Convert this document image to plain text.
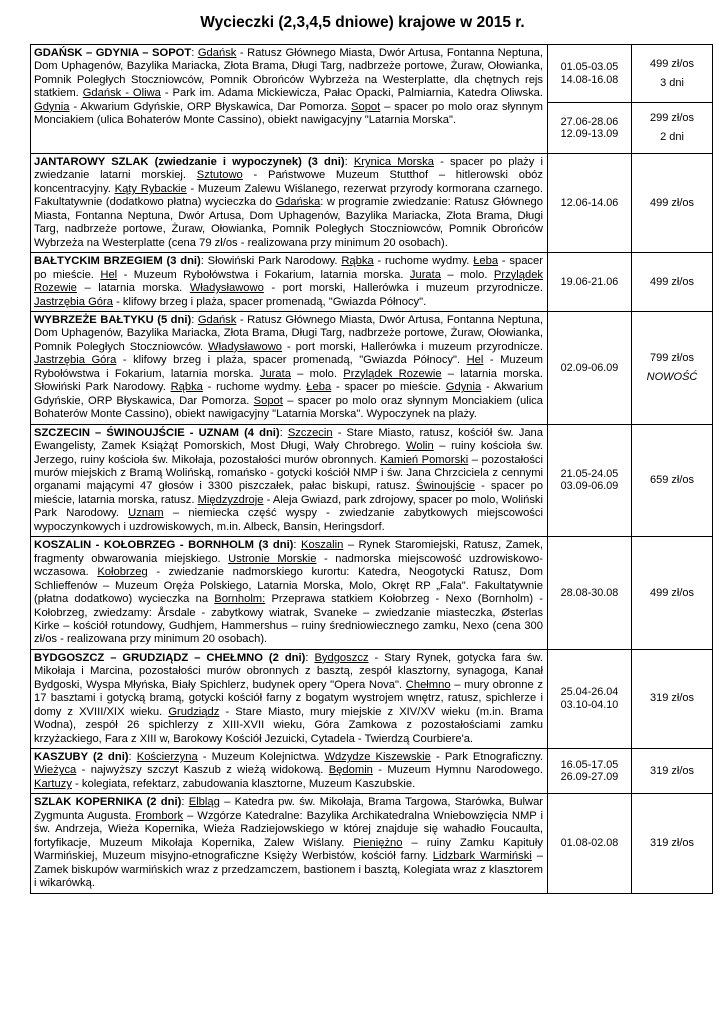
Wycieczki (2,3,4,5 dniowe) krajowe w 2015 r.
GDAŃSK – GDYNIA – SOPOT: Gdańsk - Ratusz Głównego Miasta, Dwór Artusa, Fontanna Neptuna, Dom Uphagenów, Bazylika Mariacka, Złota Brama, Długi Targ, nadbrzeże portowe, Żuraw, Ołowianka, Pomnik Poległych Stoczniowców, Pomnik Obrońców Wybrzeża na Westerplatte, dla chętnych rejs statkiem. Gdańsk - Oliwa - Park im. Adama Mickiewicza, Pałac Opacki, Palmiarnia, Katedra Oliwska. Gdynia - Akwarium Gdyńskie, ORP Błyskawica, Dar Pomorza. Sopot – spacer po molo oraz słynnym Monciakiem (ulica Bohaterów Monte Cassino), obiekt nawigacyjny "Latarnia Morska".	01.05-03.05
14.08-16.08	499 zł/os
3 dni

	27.06-28.06
12.09-13.09	299 zł/os
2 dni

JANTAROWY SZLAK (zwiedzanie i wypoczynek) (3 dni): Krynica Morska - spacer po plaży i zwiedzanie latarni morskiej. Sztutowo - Państwowe Muzeum Stutthof – hitlerowski obóz koncentracyjny. Kąty Rybackie - Muzeum Zalewu Wiślanego, rezerwat przyrody kormorana czarnego. Fakultatywnie (dodatkowo płatna) wycieczka do Gdańska: w programie zwiedzanie: Ratusz Głównego Miasta, Fontanna Neptuna, Dwór Artusa, Dom Uphagenów, Bazylika Mariacka, Złota Brama, Długi Targ, nadbrzeże portowe, Żuraw, Ołowianka, Pomnik Poległych Stoczniowców, Pomnik Obrońców Wybrzeża na Westerplatte (cena 79 zł/os - realizowana przy minimum 20 osobach).	12.06-14.06	499 zł/os

BAŁTYCKIM BRZEGIEM (3 dni): Słowiński Park Narodowy. Rąbka - ruchome wydmy. Łeba - spacer po mieście. Hel - Muzeum Rybołówstwa i Fokarium, latarnia morska. Jurata – molo. Przylądek Rozewie – latarnia morska. Władysławowo - port morski, Hallerówka i muzeum przyrodnicze. Jastrzębia Góra - klifowy brzeg i plaża, spacer promenadą, "Gwiazda Północy".	19.06-21.06	499 zł/os

WYBRZEŻE BAŁTYKU (5 dni): Gdańsk - Ratusz Głównego Miasta, Dwór Artusa, Fontanna Neptuna, Dom Uphagenów, Bazylika Mariacka, Złota Brama, Długi Targ, nadbrzeże portowe, Żuraw, Ołowianka, Pomnik Poległych Stoczniowców. Władysławowo - port morski, Hallerówka i muzeum przyrodnicze. Jastrzębia Góra - klifowy brzeg i plaża, spacer promenadą, "Gwiazda Północy". Hel - Muzeum Rybołówstwa i Fokarium, latarnia morska. Jurata – molo. Przylądek Rozewie – latarnia morska. Słowiński Park Narodowy. Rąbka - ruchome wydmy. Łeba - spacer po mieście. Gdynia - Akwarium Gdyńskie, ORP Błyskawica, Dar Pomorza. Sopot – spacer po molo oraz słynnym Monciakiem (ulica Bohaterów Monte Cassino), obiekt nawigacyjny "Latarnia Morska". Wypoczynek na plaży.	02.09-06.09	799 zł/os
NOWOŚĆ

SZCZECIN – ŚWINOUJŚCIE - UZNAM (4 dni): Szczecin - Stare Miasto, ratusz, kościół św. Jana Ewangelisty, Zamek Książąt Pomorskich, Most Długi, Wały Chrobrego. Wolin – ruiny kościoła św. Jerzego, ruiny kościoła św. Mikołaja, pozostałości murów obronnych. Kamień Pomorski – pozostałości murów miejskich z Bramą Wolińską, romańsko - gotycki kościół NMP i św. Jana Chrzciciela z cennymi organami mającymi 47 głosów i 3300 piszczałek, pałac biskupi, ratusz. Świnoujście - spacer po mieście, latarnia morska, ratusz. Międzyzdroje - Aleja Gwiazd, park zdrojowy, spacer po molo, Woliński Park Narodowy. Uznam – niemiecka część wyspy - zwiedzanie zabytkowych miejscowości wypoczynkowych i uzdrowiskowych, m.in. Albeck, Bansin, Heringsdorf.	21.05-24.05
03.09-06.09	659 zł/os

KOSZALIN - KOŁOBRZEG - BORNHOLM (3 dni): Koszalin – Rynek Staromiejski, Ratusz, Zamek, fragmenty obwarowania miejskiego. Ustronie Morskie - nadmorska miejscowość uzdrowiskowo-wczasowa. Kołobrzeg - zwiedzanie nadmorskiego kurortu: Katedra, Neogotycki Ratusz, Dom Schlieffenów – Muzeum Oręża Polskiego, Latarnia Morska, Molo, Okręt RP „Fala". Fakultatywnie (płatna dodatkowo) wycieczka na Bornholm: Przeprawa statkiem Kołobrzeg - Nexo (Bornholm) - Kołobrzeg, zwiedzamy: Årsdale - zabytkowy wiatrak, Svaneke – zwiedzanie miasteczka, Østerlas Kirke – kościół rotundowy, Gudhjem, Hammershus – ruiny średniowiecznego zamku, Nexo (cena 300 zł/os - realizowana przy minimum 20 osobach).	28.08-30.08	499 zł/os

BYDGOSZCZ – GRUDZIĄDZ – CHEŁMNO (2 dni): Bydgoszcz - Stary Rynek, gotycka fara św. Mikołaja i Marcina, pozostałości murów obronnych z basztą, zespół klasztorny, synagoga, Kanał Bydgoski, Wyspa Młyńska, Biały Spichlerz, budynek opery "Opera Nova". Chełmno – mury obronne z 17 basztami i gotycką bramą, gotycki kościół farny z bogatym wystrojem wnętrz, ratusz, spichlerze i domy z XVIII/XIX wieku. Grudziądz - Stare Miasto, mury miejskie z XIV/XV wieku (m.in. Brama Wodna), zespół 26 spichlerzy z XIII-XVII wieku, Góra Zamkowa z pozostałościami zamku krzyżackiego, Fara z XIII w, Barokowy Kościół Jezuicki, Cytadela - Twierdzą Courbiere'a.	25.04-26.04
03.10-04.10	319 zł/os

KASZUBY (2 dni): Kościerzyna - Muzeum Kolejnictwa. Wdzydze Kiszewskie - Park Etnograficzny. Wieżyca - najwyższy szczyt Kaszub z wieżą widokową. Będomin - Muzeum Hymnu Narodowego. Kartuzy - kolegiata, refektarz, zabudowania klasztorne, Muzeum Kaszubskie.	16.05-17.05
26.09-27.09	319 zł/os

SZLAK KOPERNIKA (2 dni): Elbląg – Katedra pw. św. Mikołaja, Brama Targowa, Starówka, Bulwar Zygmunta Augusta. Frombork – Wzgórze Katedralne: Bazylika Archikatedralna Wniebowzięcia NMP i św. Andrzeja, Wieża Kopernika, Wieża Radziejowskiego w której znajduje się wahadło Foucaulta, fortyfikacje, Muzeum Mikołaja Kopernika, Zalew Wiślany. Pieniężno – ruiny Zamku Kapituły Warmińskiej, Muzeum misyjno-etnograficzne Księży Werbistów, kościół farny. Lidzbark Warmiński – Zamek biskupów warmińskich wraz z przedzamczem, bastionem i basztą, Kolegiata wraz z klasztorem i wikarówką.	01.08-02.08	319 zł/os
